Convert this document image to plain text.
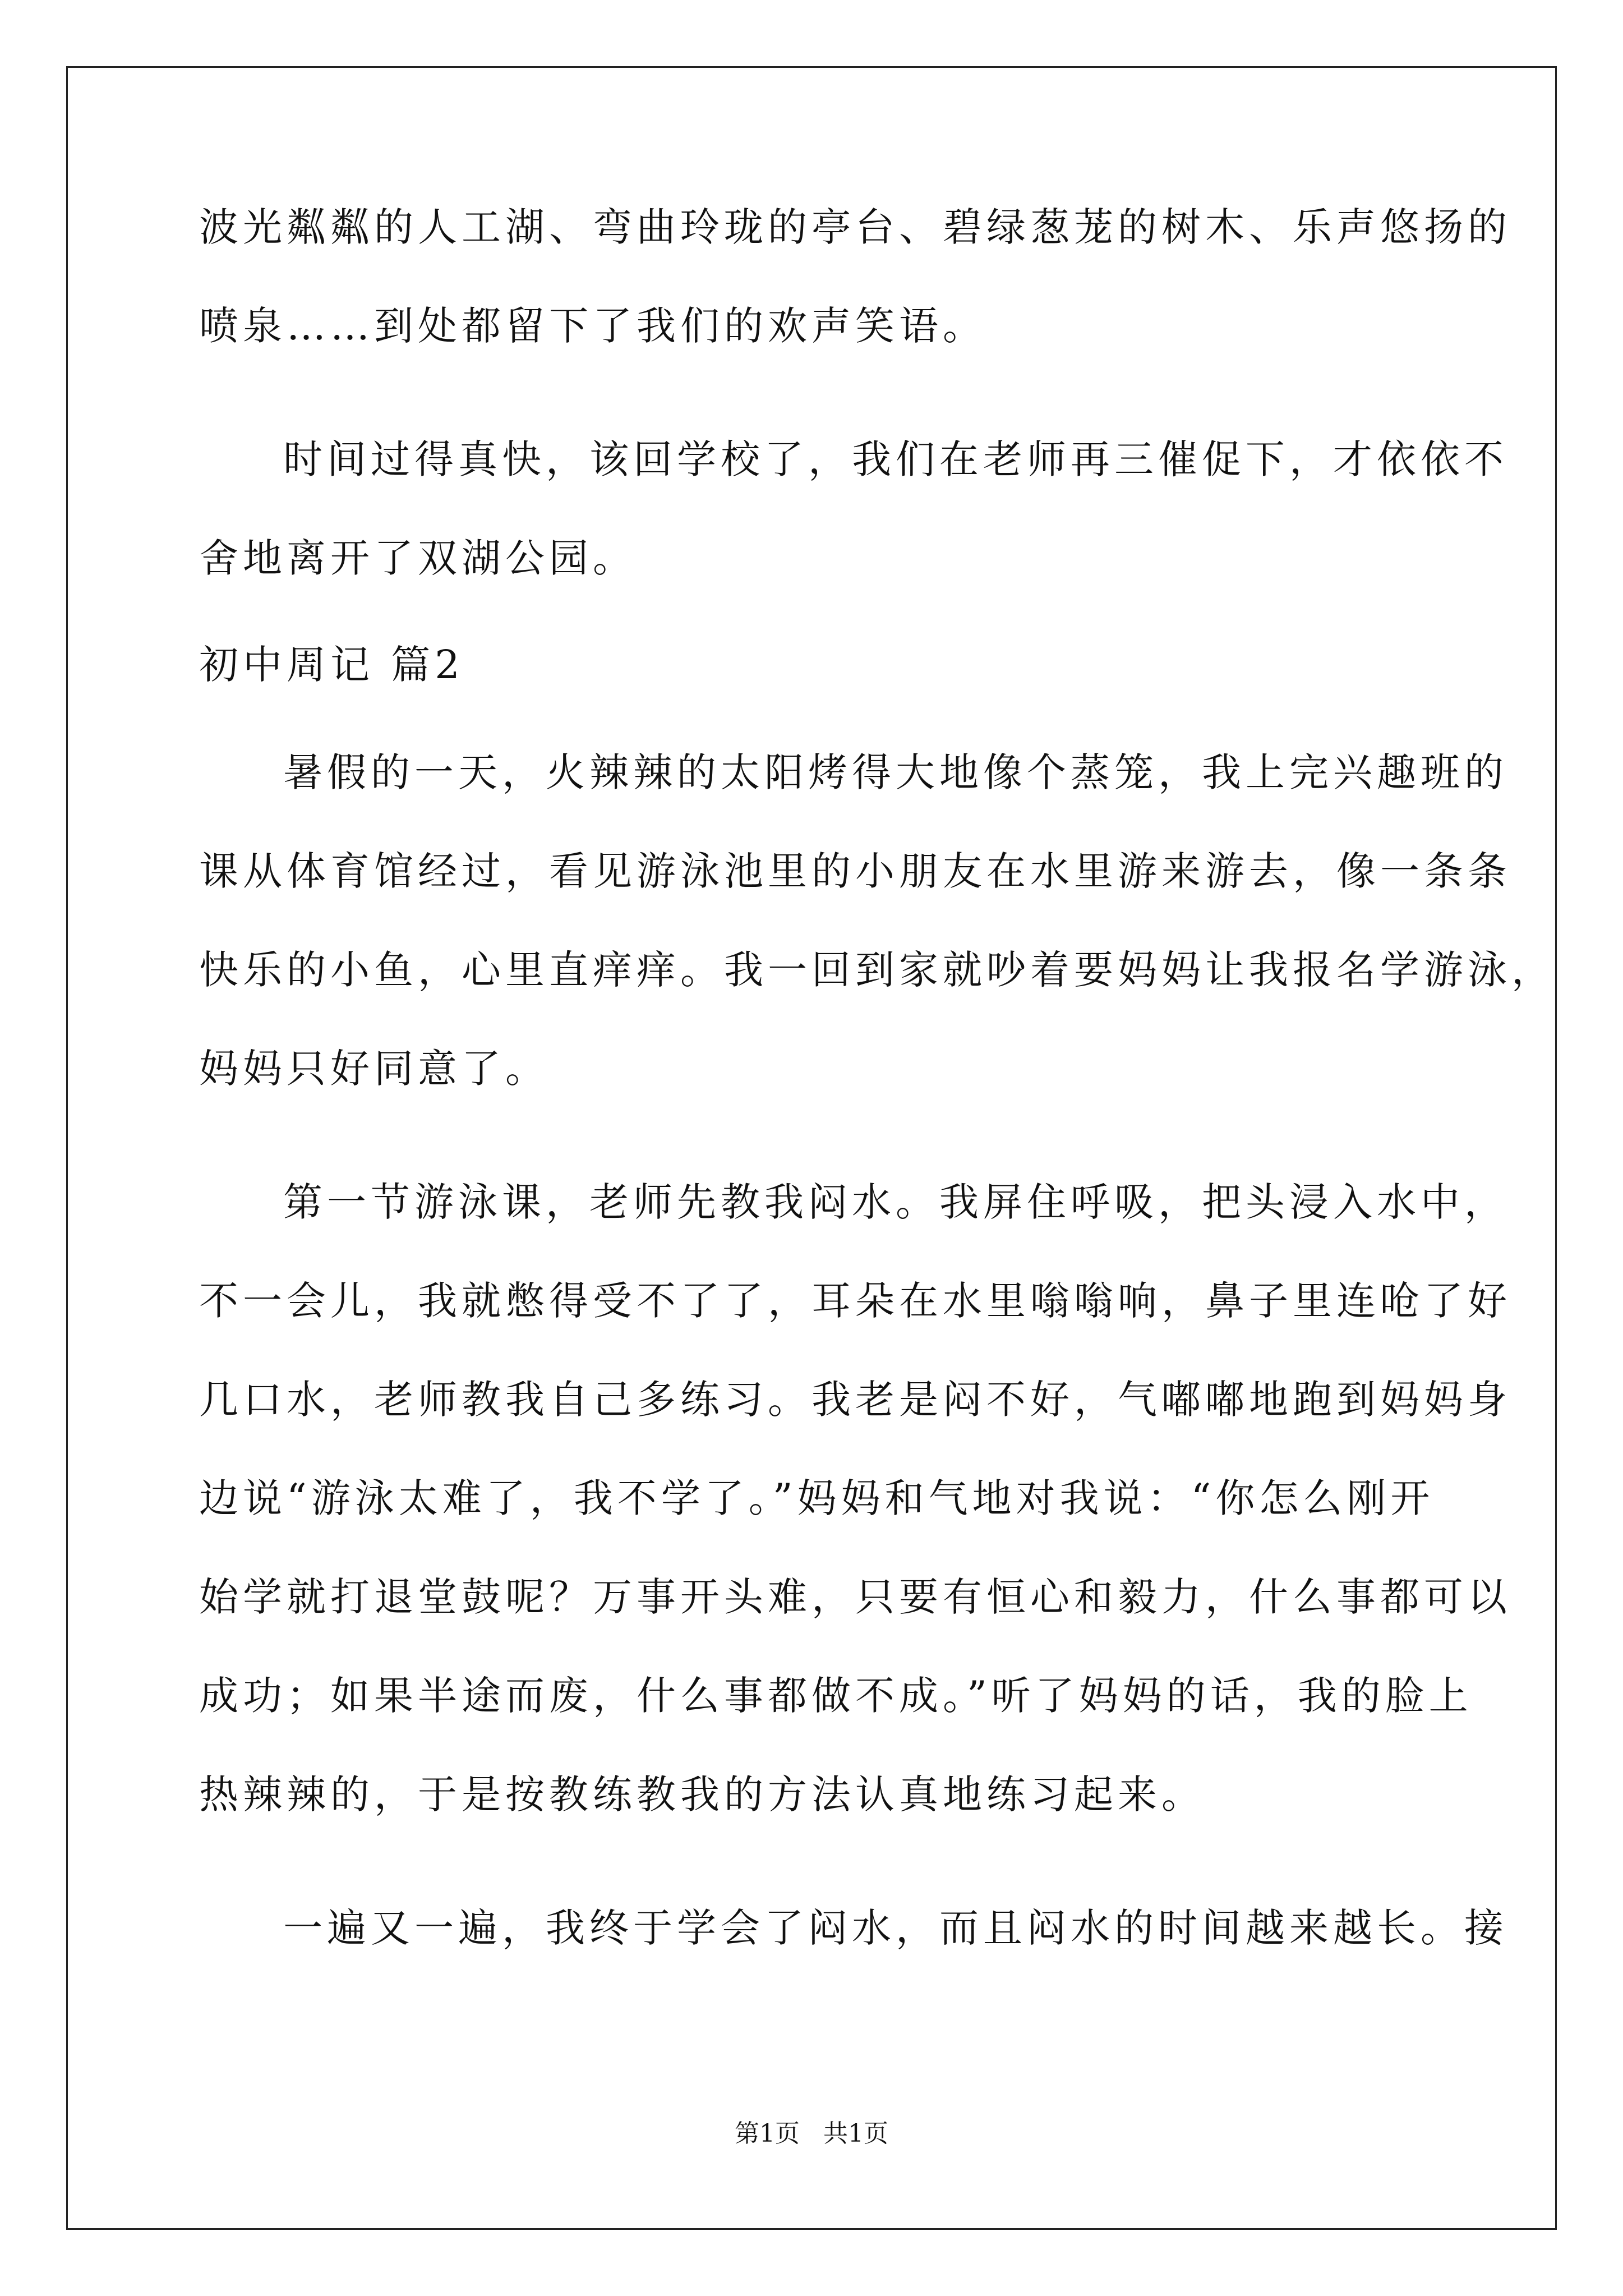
波光粼粼的人工湖、弯曲玲珑的亭台、碧绿葱茏的树木、乐声悠扬的
喷泉……到处都留下了我们的欢声笑语。
时间过得真快，该回学校了，我们在老师再三催促下，才依依不
舍地离开了双湖公园。
初中周记 篇2
暑假的一天，火辣辣的太阳烤得大地像个蒸笼，我上完兴趣班的
课从体育馆经过，看见游泳池里的小朋友在水里游来游去，像一条条
快乐的小鱼，心里直痒痒。我一回到家就吵着要妈妈让我报名学游泳，
妈妈只好同意了。
第一节游泳课，老师先教我闷水。我屏住呼吸，把头浸入水中，
不一会儿，我就憋得受不了了，耳朵在水里嗡嗡响，鼻子里连呛了好
几口水，老师教我自己多练习。我老是闷不好，气嘟嘟地跑到妈妈身
边说“游泳太难了，我不学了。”妈妈和气地对我说：“你怎么刚开
始学就打退堂鼓呢？万事开头难，只要有恒心和毅力，什么事都可以
成功；如果半途而废，什么事都做不成。”听了妈妈的话，我的脸上
热辣辣的，于是按教练教我的方法认真地练习起来。
一遍又一遍，我终于学会了闷水，而且闷水的时间越来越长。接
第1页 共1页
